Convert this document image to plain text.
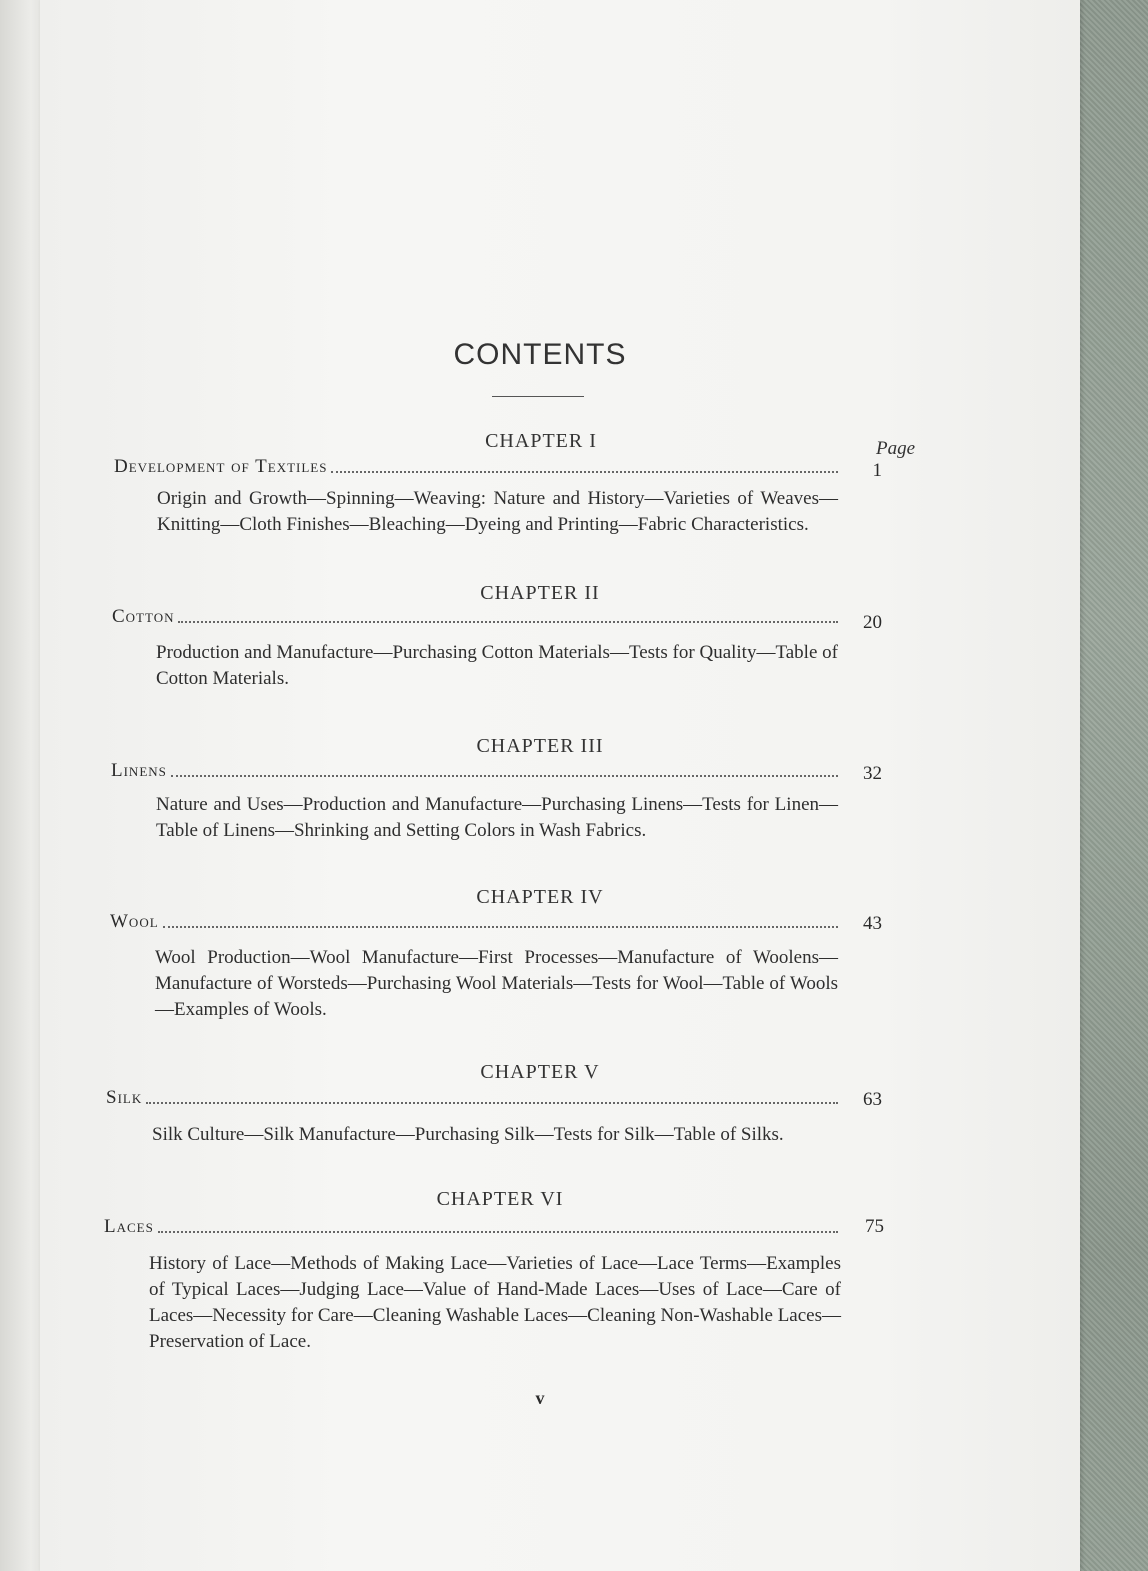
CONTENTS
Page
CHAPTER I
Development of Textiles	1
Origin and Growth—Spinning—Weaving: Nature and History—Varieties of Weaves—Knitting—Cloth Finishes—Bleaching—Dyeing and Printing—Fabric Characteristics.
CHAPTER II
Cotton	20
Production and Manufacture—Purchasing Cotton Materials—Tests for Quality—Table of Cotton Materials.
CHAPTER III
Linens	32
Nature and Uses—Production and Manufacture—Purchasing Linens—Tests for Linen—Table of Linens—Shrinking and Setting Colors in Wash Fabrics.
CHAPTER IV
Wool	43
Wool Production—Wool Manufacture—First Processes—Manufacture of Woolens—Manufacture of Worsteds—Purchasing Wool Materials—Tests for Wool—Table of Wools—Examples of Wools.
CHAPTER V
Silk	63
Silk Culture—Silk Manufacture—Purchasing Silk—Tests for Silk—Table of Silks.
CHAPTER VI
Laces	75
History of Lace—Methods of Making Lace—Varieties of Lace—Lace Terms—Examples of Typical Laces—Judging Lace—Value of Hand-Made Laces—Uses of Lace—Care of Laces—Necessity for Care—Cleaning Washable Laces—Cleaning Non-Washable Laces—Preservation of Lace.
v
